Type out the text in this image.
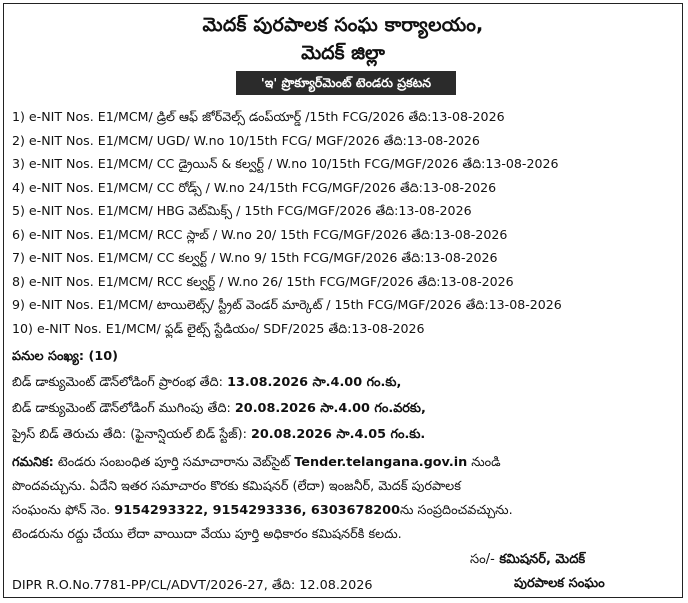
మెదక్ పురపాలక సంఘ కార్యాలయం,
మెదక్ జిల్లా
'ఇ' ప్రొక్యూర్‌మెంట్ టెండరు ప్రకటన
1) e-NIT Nos. E1/MCM/ డ్రిల్ ఆఫ్ జోర్‌వెల్స్ డంప్‌యార్డ్ /15th FCG/2026 తేది:13-08-2026
2) e-NIT Nos. E1/MCM/ UGD/ W.no 10/15th FCG/ MGF/2026 తేది:13-08-2026
3) e-NIT Nos. E1/MCM/ CC డ్రైయిన్ & కల్వర్ట్ / W.no 10/15th FCG/MGF/2026 తేది:13-08-2026
4) e-NIT Nos. E1/MCM/ CC రోడ్స్ / W.no 24/15th FCG/MGF/2026 తేది:13-08-2026
5) e-NIT Nos. E1/MCM/ HBG వెట్‌మిక్స్ / 15th FCG/MGF/2026 తేది:13-08-2026
6) e-NIT Nos. E1/MCM/ RCC స్లాబ్ / W.no 20/ 15th FCG/MGF/2026 తేది:13-08-2026
7) e-NIT Nos. E1/MCM/ CC కల్వర్ట్ / W.no 9/ 15th FCG/MGF/2026 తేది:13-08-2026
8) e-NIT Nos. E1/MCM/ RCC కల్వర్ట్ / W.no 26/ 15th FCG/MGF/2026 తేది:13-08-2026
9) e-NIT Nos. E1/MCM/ టాయిలెట్స్/ స్ట్రీట్ వెండర్ మార్కెట్ / 15th FCG/MGF/2026 తేది:13-08-2026
10) e-NIT Nos. E1/MCM/ ఫ్లడ్ లైట్స్ స్టేడియం/ SDF/2025 తేది:13-08-2026
పనుల సంఖ్య: (10)
బిడ్ డాక్యుమెంట్ డౌన్‌లోడింగ్ ప్రారంభ తేది: 13.08.2026 సా.4.00 గం.కు,
బిడ్ డాక్యుమెంట్ డౌన్‌లోడింగ్ ముగింపు తేది: 20.08.2026 సా.4.00 గం.వరకు,
ప్రైస్ బిడ్ తెరుచు తేది: (ఫైనాన్షియల్ బిడ్ స్టేజ్): 20.08.2026 సా.4.05 గం.కు.
గమనిక: టెండరు సంబంధిత పూర్తి సమాచారాను వెబ్‌సైట్ Tender.telangana.gov.in నుండి
పొందవచ్చును. ఏదేని ఇతర సమాచారం కొరకు కమిషనర్ (లేదా) ఇంజనీర్, మెదక్ పురపాలక
సంఘంను ఫోన్ నెం. 9154293322, 9154293336, 6303678200ను సంప్రదించవచ్చును.
టెండరును రద్దు చేయు లేదా వాయిదా వేయు పూర్తి అధికారం కమిషనర్‌కి కలదు.
సం/- కమిషనర్, మెదక్
పురపాలక సంఘం
DIPR R.O.No.7781-PP/CL/ADVT/2026-27, తేది: 12.08.2026
